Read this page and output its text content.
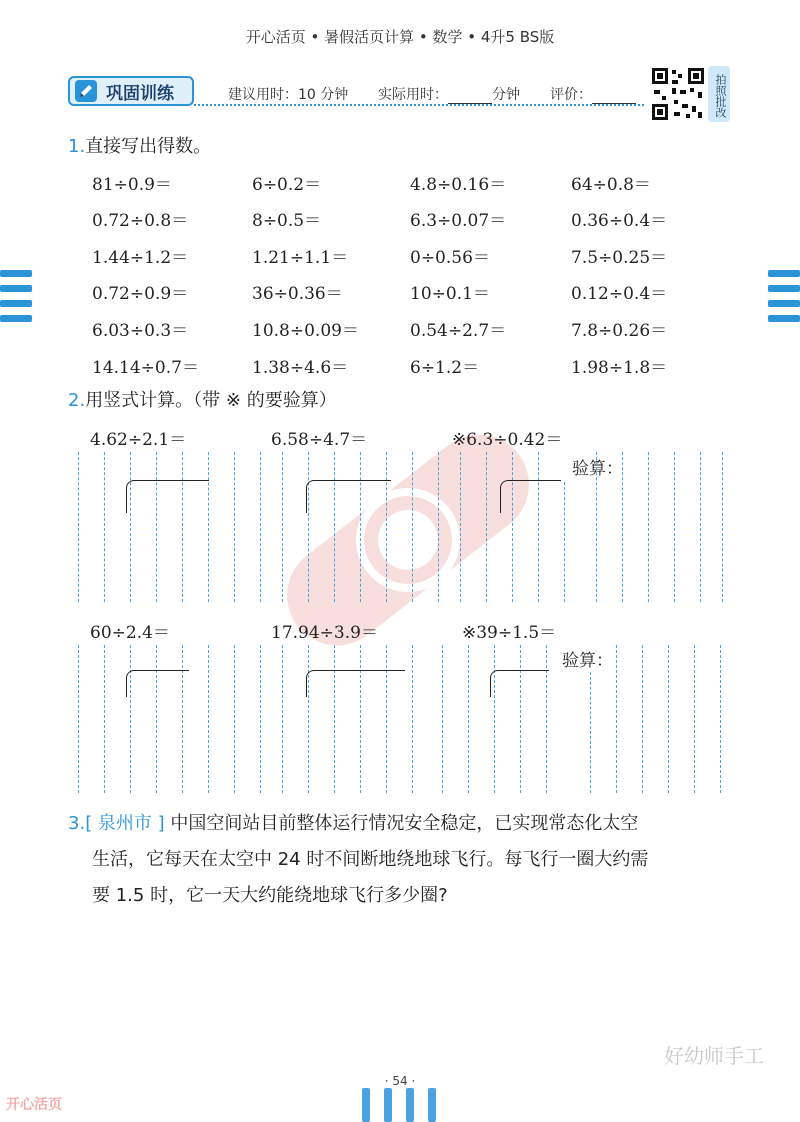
开心活页 • 暑假活页计算 • 数学 • 4升5 BS版
巩固训练	建议用时：10 分钟 实际用时：	分钟 评价：	拍照批改
1.直接写出得数。
81÷0.9＝	6÷0.2＝	4.8÷0.16＝	64÷0.8＝
0.72÷0.8＝	8÷0.5＝	6.3÷0.07＝	0.36÷0.4＝
1.44÷1.2＝	1.21÷1.1＝	0÷0.56＝	7.5÷0.25＝
0.72÷0.9＝	36÷0.36＝	10÷0.1＝	0.12÷0.4＝
6.03÷0.3＝	10.8÷0.09＝	0.54÷2.7＝	7.8÷0.26＝
14.14÷0.7＝	1.38÷4.6＝	6÷1.2＝	1.98÷1.8＝
2.用竖式计算。（带 ※ 的要验算）
4.62÷2.1＝	6.58÷4.7＝	※6.3÷0.42＝
验算：
60÷2.4＝	17.94÷3.9＝	※39÷1.5＝
验算：
3.[ 泉州市 ] 中国空间站目前整体运行情况安全稳定，已实现常态化太空
生活，它每天在太空中 24 时不间断地绕地球飞行。每飞行一圈大约需
要 1.5 时，它一天大约能绕地球飞行多少圈?
好幼师手工
· 54 ·
开心活页
